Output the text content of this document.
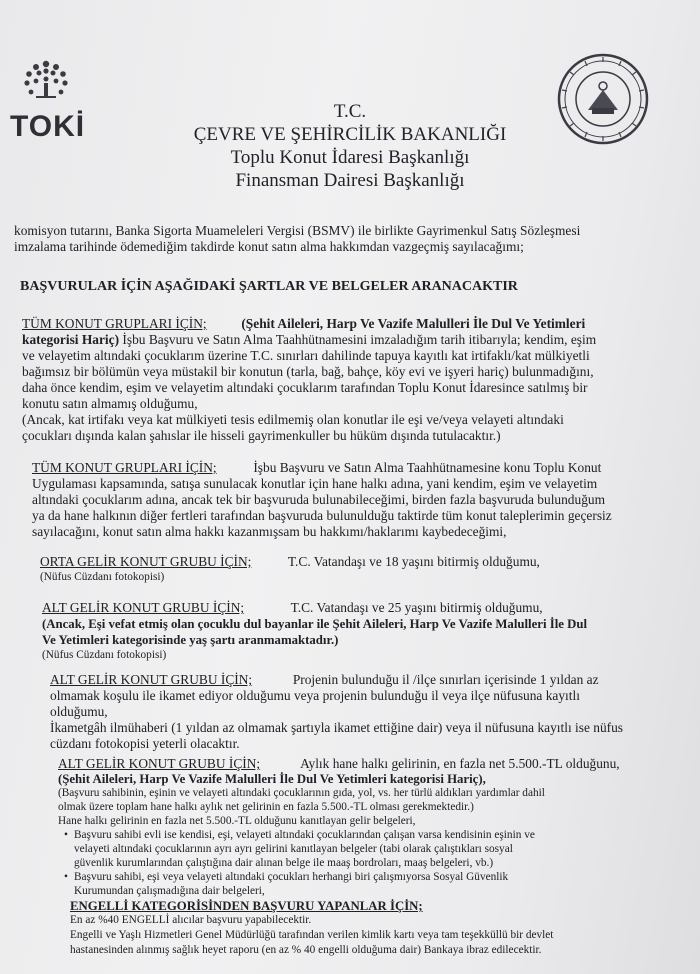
TOKİ	T.C.
ÇEVRE VE ŞEHİRCİLİK BAKANLIĞI
Toplu Konut İdaresi Başkanlığı
Finansman Dairesi Başkanlığı
komisyon tutarını, Banka Sigorta Muameleleri Vergisi (BSMV) ile birlikte Gayrimenkul Satış Sözleşmesi
imzalama tarihinde ödemediğim takdirde konut satın alma hakkımdan vazgeçmiş sayılacağımı;
BAŞVURULAR İÇİN AŞAĞIDAKİ ŞARTLAR VE BELGELER ARANACAKTIR
TÜM KONUT GRUPLARI İÇİN;	(Şehit Aileleri, Harp Ve Vazife Malulleri İle Dul Ve Yetimleri
kategorisi Hariç) İşbu Başvuru ve Satın Alma Taahhütnamesini imzaladığım tarih itibarıyla; kendim, eşim
ve velayetim altındaki çocuklarım üzerine T.C. sınırları dahilinde tapuya kayıtlı kat irtifaklı/kat mülkiyetli
bağımsız bir bölümün veya müstakil bir konutun (tarla, bağ, bahçe, köy evi ve işyeri hariç) bulunmadığını,
daha önce kendim, eşim ve velayetim altındaki çocuklarım tarafından Toplu Konut İdaresince satılmış bir
konutu satın almamış olduğumu,
(Ancak, kat irtifakı veya kat mülkiyeti tesis edilmemiş olan konutlar ile eşi ve/veya velayeti altındaki
çocukları dışında kalan şahıslar ile hisseli gayrimenkuller bu hüküm dışında tutulacaktır.)
TÜM KONUT GRUPLARI İÇİN;	İşbu Başvuru ve Satın Alma Taahhütnamesine konu Toplu Konut
Uygulaması kapsamında, satışa sunulacak konutlar için hane halkı adına, yani kendim, eşim ve velayetim
altındaki çocuklarım adına, ancak tek bir başvuruda bulunabileceğimi, birden fazla başvuruda bulunduğum
ya da hane halkının diğer fertleri tarafından başvuruda bulunulduğu taktirde tüm konut taleplerimin geçersiz
sayılacağını, konut satın alma hakkı kazanmışsam bu hakkımı/haklarımı kaybedeceğimi,
ORTA GELİR KONUT GRUBU İÇİN;	T.C. Vatandaşı ve 18 yaşını bitirmiş olduğumu,
(Nüfus Cüzdanı fotokopisi)
ALT GELİR KONUT GRUBU İÇİN;	T.C. Vatandaşı ve 25 yaşını bitirmiş olduğumu,
(Ancak, Eşi vefat etmiş olan çocuklu dul bayanlar ile Şehit Aileleri, Harp Ve Vazife Malulleri İle Dul
Ve Yetimleri kategorisinde yaş şartı aranmamaktadır.)
(Nüfus Cüzdanı fotokopisi)
ALT GELİR KONUT GRUBU İÇİN;	Projenin bulunduğu il /ilçe sınırları içerisinde 1 yıldan az
olmamak koşulu ile ikamet ediyor olduğumu veya projenin bulunduğu il veya ilçe nüfusuna kayıtlı
olduğumu,
İkametgâh ilmühaberi (1 yıldan az olmamak şartıyla ikamet ettiğine dair) veya il nüfusuna kayıtlı ise nüfus
cüzdanı fotokopisi yeterli olacaktır.
ALT GELİR KONUT GRUBU İÇİN;	Aylık hane halkı gelirinin, en fazla net 5.500.-TL olduğunu,
(Şehit Aileleri, Harp Ve Vazife Malulleri İle Dul Ve Yetimleri kategorisi Hariç),
(Başvuru sahibinin, eşinin ve velayeti altındaki çocuklarının gıda, yol, vs. her türlü aldıkları yardımlar dahil
olmak üzere toplam hane halkı aylık net gelirinin en fazla 5.500.-TL olması gerekmektedir.)
Hane halkı gelirinin en fazla net 5.500.-TL olduğunu kanıtlayan gelir belgeleri,
• Başvuru sahibi evli ise kendisi, eşi, velayeti altındaki çocuklarından çalışan varsa kendisinin eşinin ve
velayeti altındaki çocuklarının ayrı ayrı gelirini kanıtlayan belgeler (tabi olarak çalıştıkları sosyal
güvenlik kurumlarından çalıştığına dair alınan belge ile maaş bordroları, maaş belgeleri, vb.)
• Başvuru sahibi, eşi veya velayeti altındaki çocukları herhangi biri çalışmıyorsa Sosyal Güvenlik
Kurumundan çalışmadığına dair belgeleri,
ENGELLİ KATEGORİSİNDEN BAŞVURU YAPANLAR İÇİN;
En az %40 ENGELLİ alıcılar başvuru yapabilecektir.
Engelli ve Yaşlı Hizmetleri Genel Müdürlüğü tarafından verilen kimlik kartı veya tam teşekküllü bir devlet
hastanesinden alınmış sağlık heyet raporu (en az % 40 engelli olduğuma dair) Bankaya ibraz edilecektir.
